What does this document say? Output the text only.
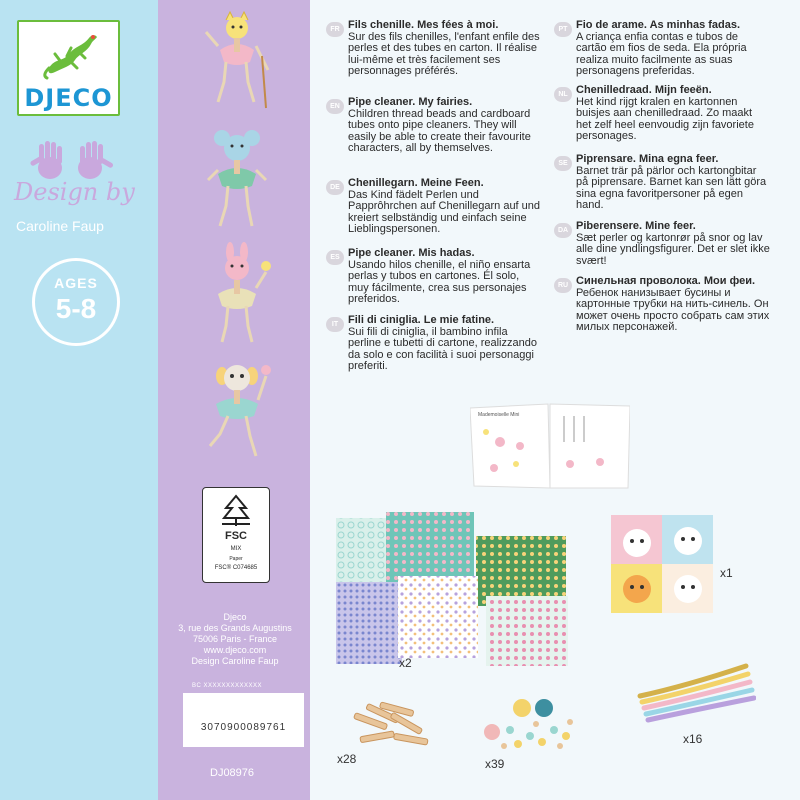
DJECO
Design by
Caroline Faup
AGES
5-8
FSC
MIX
Paper
FSC® C074685
Djeco
3, rue des Grands Augustins
75006 Paris - France
www.djeco.com
Design Caroline Faup
BC XXXXXXXXXXXXX
3070900089761
DJ08976
FR Fils chenille. Mes fées à moi.
Sur des fils chenilles, l'enfant enfile des perles et des tubes en carton. Il réalise lui-même et très facilement ses personnages préférés.
EN Pipe cleaner. My fairies.
Children thread beads and cardboard tubes onto pipe cleaners. They will easily be able to create their favourite characters, all by themselves.
DE Chenillegarn. Meine Feen.
Das Kind fädelt Perlen und Papprôhrchen auf Chenillegarn auf und kreiert selbständig und einfach seine Lieblingspersonen.
ES Pipe cleaner. Mis hadas.
Usando hilos chenille, el niño ensarta perlas y tubos en cartones. Él solo, muy fácilmente, crea sus personajes preferidos.
IT Fili di ciniglia. Le mie fatine.
Sui fili di ciniglia, il bambino infila perline e tubetti di cartone, realizzando da solo e con facilità i suoi personaggi preferiti.
PT Fio de arame. As minhas fadas.
A criança enfia contas e tubos de cartão em fios de seda. Ela própria realiza muito facilmente as suas personagens preferidas.
NL Chenilledraad. Mijn feeën.
Het kind rijgt kralen en kartonnen buisjes aan chenilledraad. Zo maakt het zelf heel eenvoudig zijn favoriete personages.
SE Piprensare. Mina egna feer.
Barnet trär på pärlor och kartongbitar på piprensare. Barnet kan sen lätt göra sina egna favoritpersoner på egen hand.
DA Piberensere. Mine feer.
Sæt perler og kartonrør på snor og lav alle dine yndlingsfigurer. Det er slet ikke svært!
RU Синельная проволока. Мои феи.
Ребенок нанизывает бусины и картонные трубки на нить-синель. Он может очень просто собрать сам этих милых персонажей.
Mademoiselle Mini
x2
x1
x28	x39
x16
